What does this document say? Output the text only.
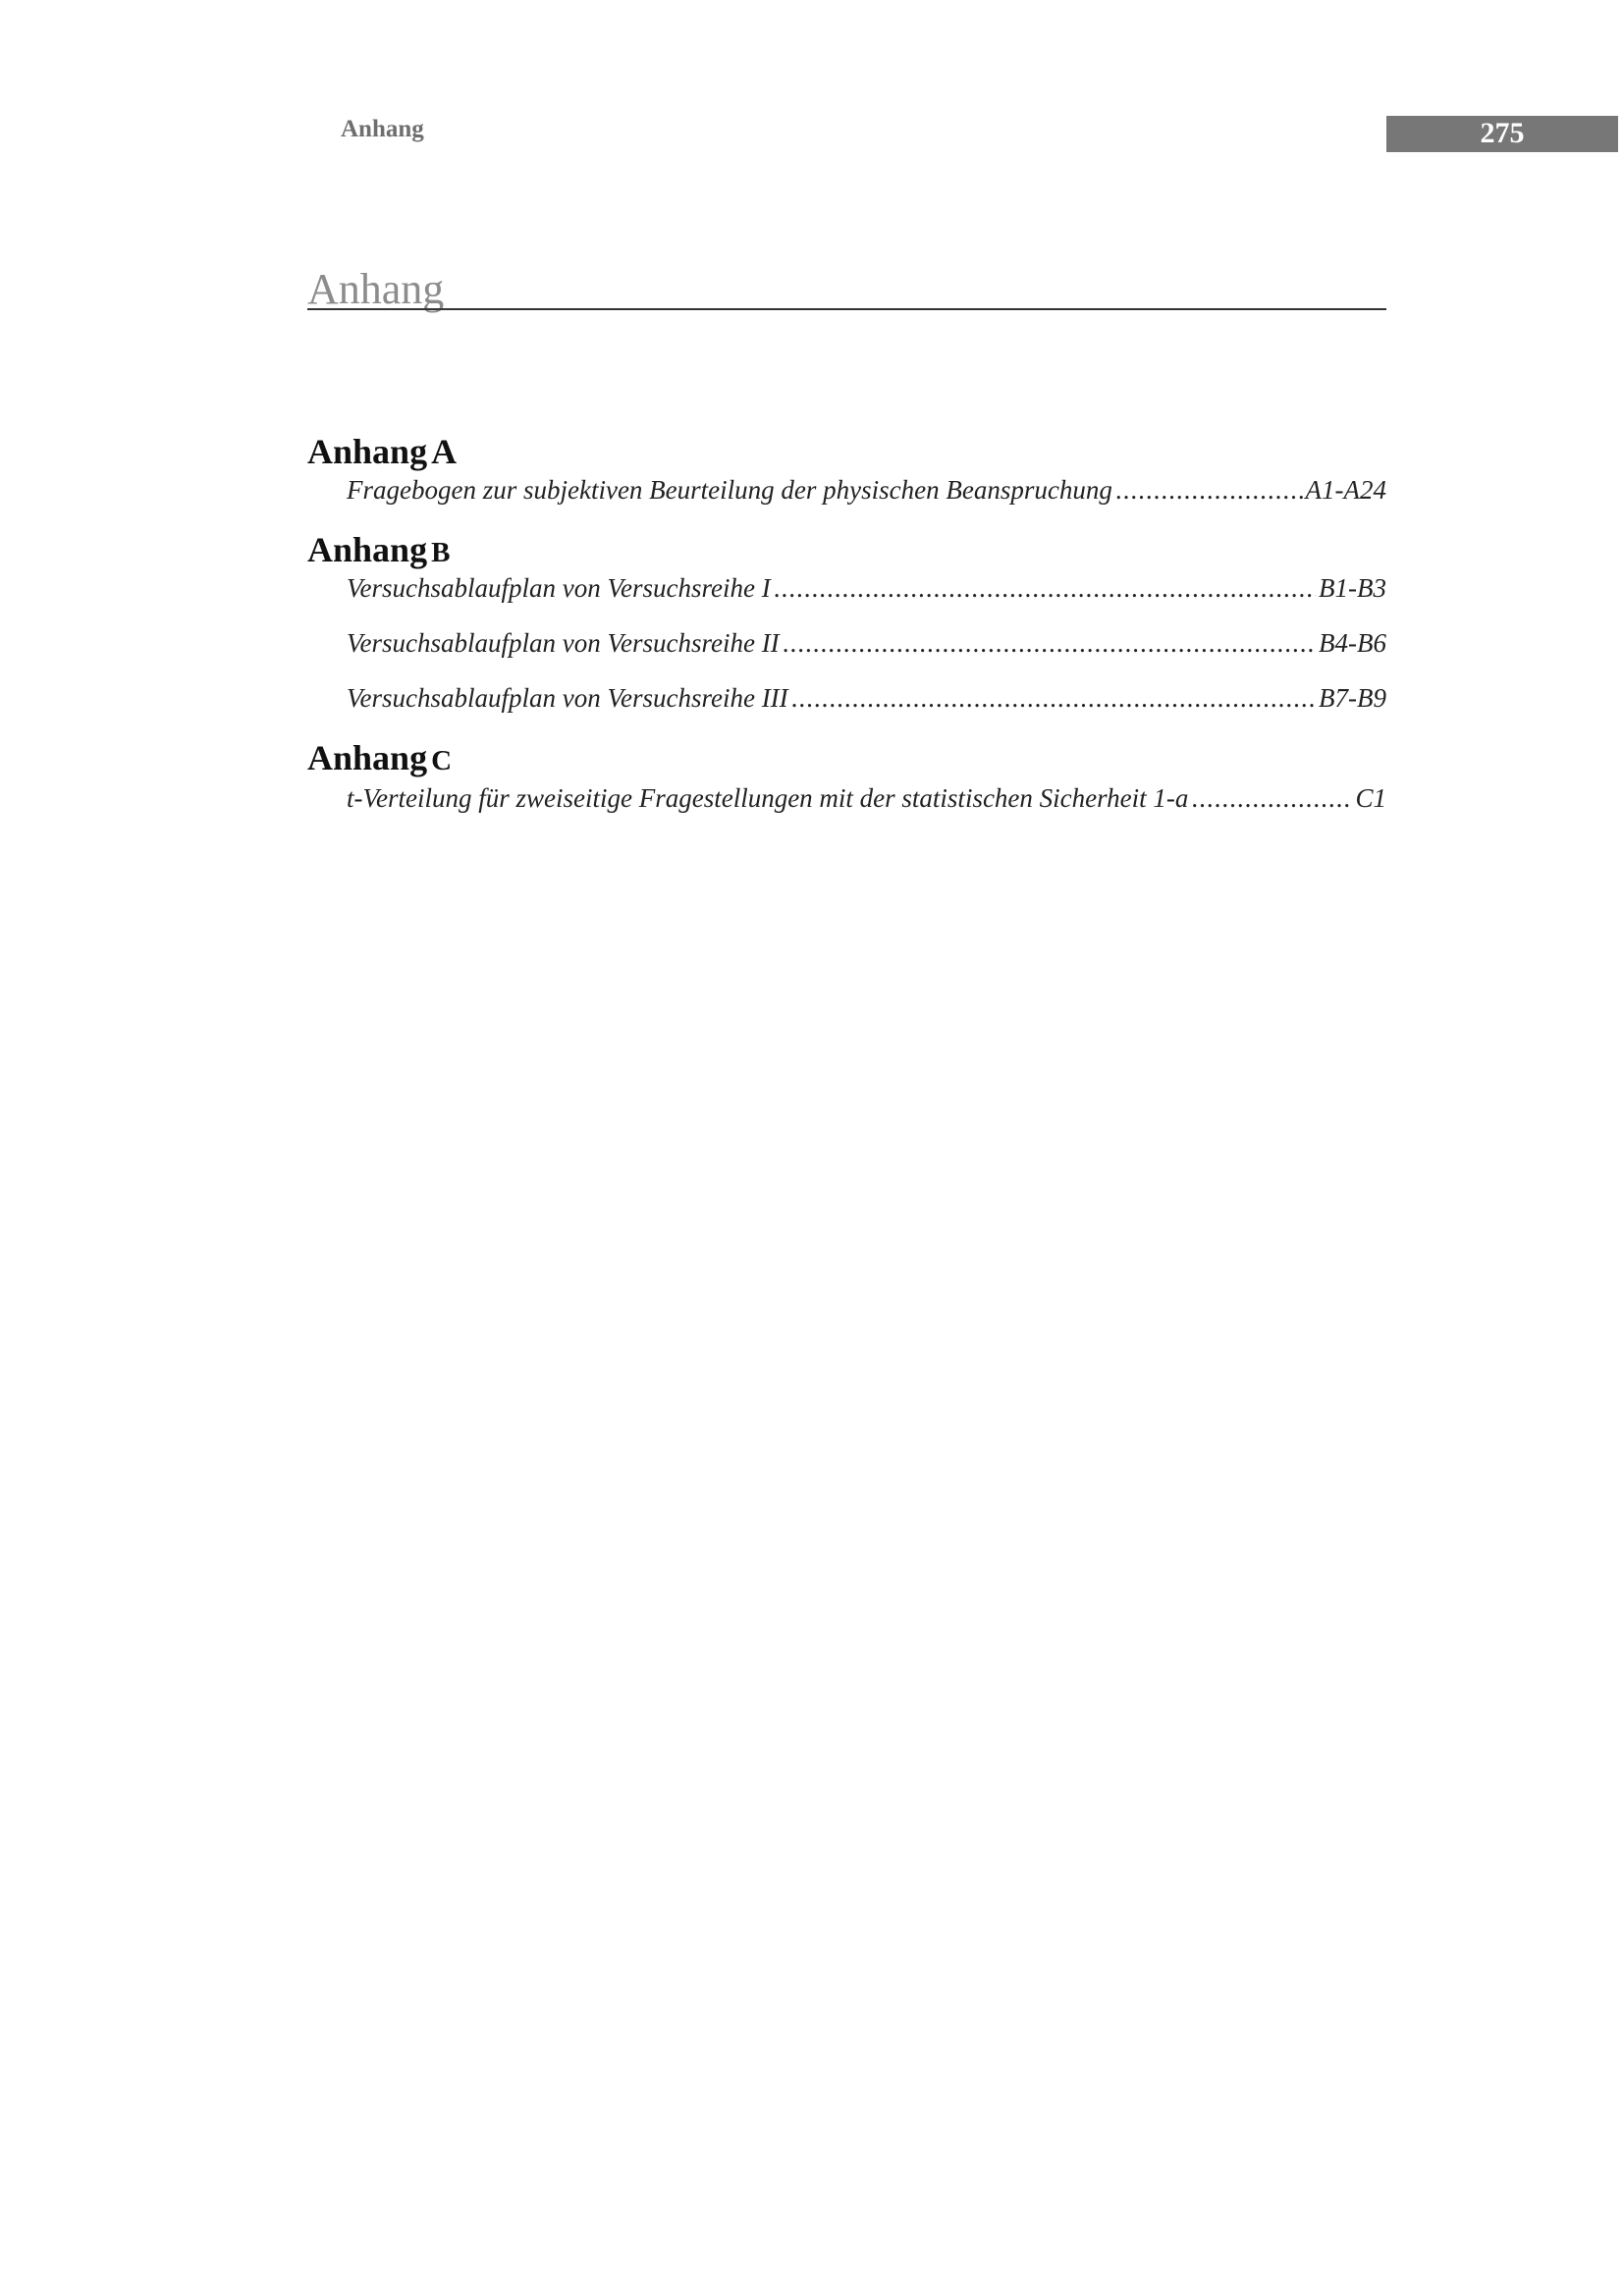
Anhang	275
Anhang
Anhang A
Fragebogen zur subjektiven Beurteilung der physischen Beanspruchung .....	A1-A24
Anhang B
Versuchsablaufplan von Versuchsreihe I .....	B1-B3
Versuchsablaufplan von Versuchsreihe II .....	B4-B6
Versuchsablaufplan von Versuchsreihe III .....	B7-B9
Anhang C
t-Verteilung für zweiseitige Fragestellungen mit der statistischen Sicherheit 1-a .....	C1
